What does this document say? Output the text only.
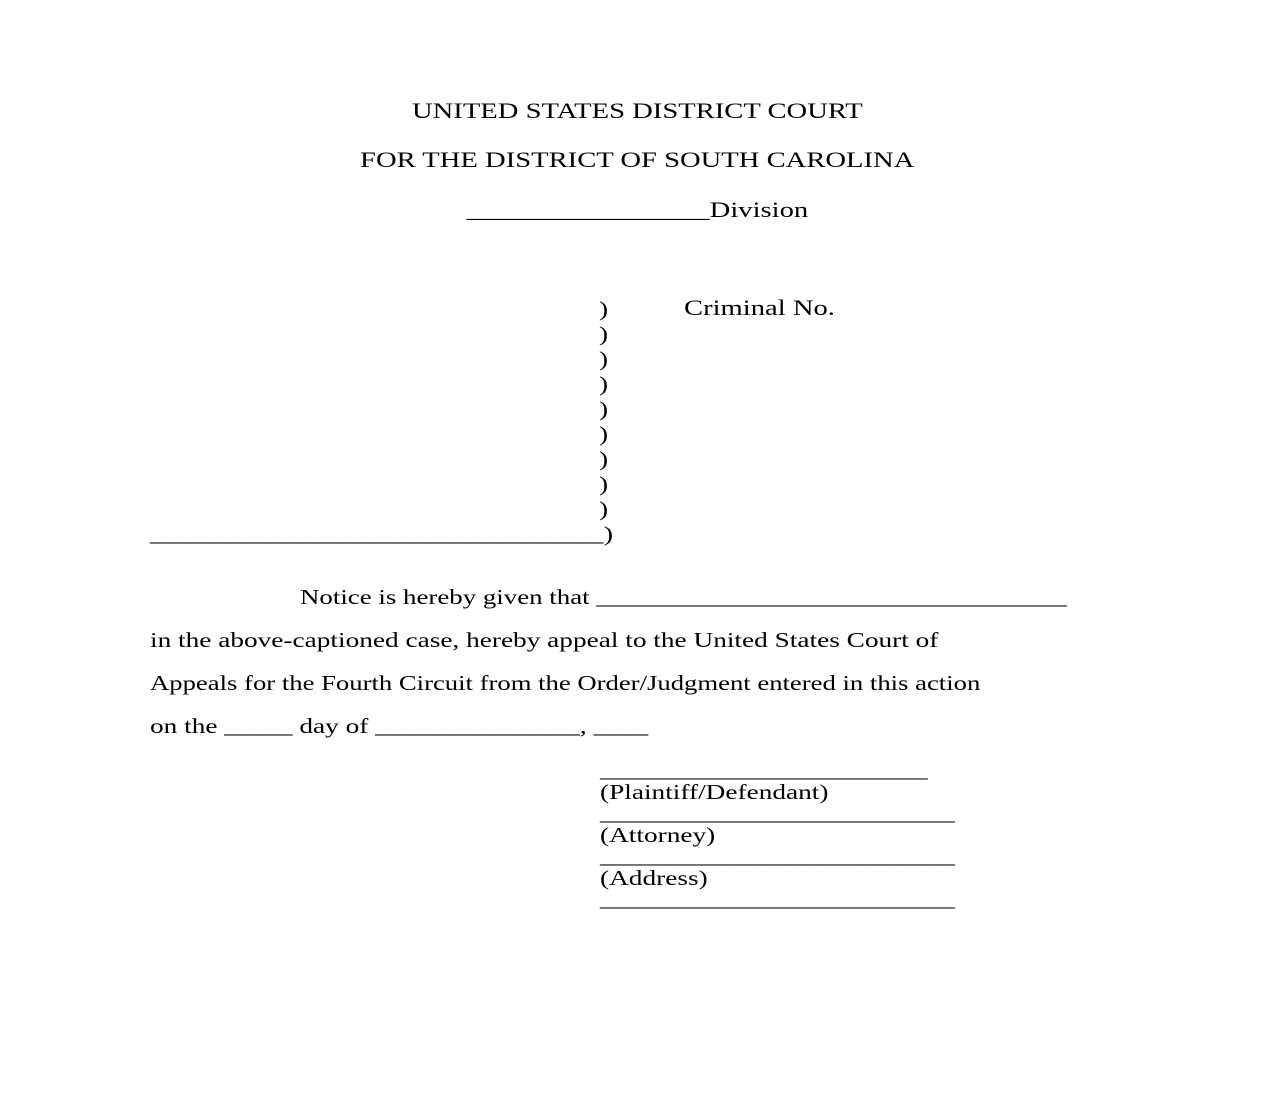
UNITED STATES DISTRICT COURT
FOR THE DISTRICT OF SOUTH CAROLINA
_________________Division
Criminal No.
)
)
)
)
)
)
)
)
)
________________________________)
Notice is hereby given that ___________________________________
in the above-captioned case, hereby appeal to the United States Court of
Appeals for the Fourth Circuit from the Order/Judgment entered in this action
on the _____ day of _______________, ____
________________________
(Plaintiff/Defendant)
__________________________
(Attorney)
__________________________
(Address)
__________________________
